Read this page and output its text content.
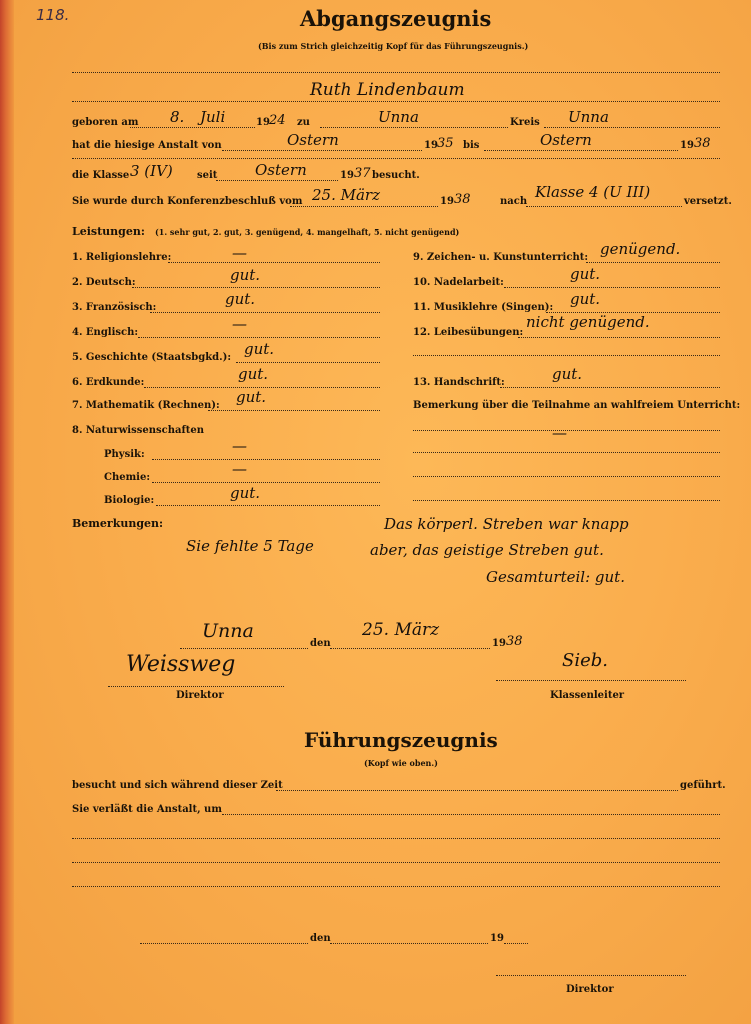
118.	Abgangszeugnis
(Bis zum Strich gleichzeitig Kopf für das Führungszeugnis.)
Ruth Lindenbaum
geboren am 8. Juli	19 24 zu	Unna	Kreis Unna
hat die hiesige Anstalt von	Ostern	19 35 bis	Ostern	19 38
die Klasse 3 (IV) seit	Ostern	19 37 besucht.
Sie wurde durch Konferenzbeschluß vom 25. März	19 38	nach
Klasse 4 (U III)
versetzt.
Leistungen: (1. sehr gut, 2. gut, 3. genügend, 4. mangelhaft, 5. nicht genügend)
1. Religionslehre:	—
2. Deutsch:	gut.
3. Französisch:	gut.
4. Englisch:	—
5. Geschichte (Staatsbgkd.): gut.
6. Erdkunde:	gut.
7. Mathematik (Rechnen): gut.
8. Naturwissenschaften
Physik:	—
Chemie:	—
Biologie:	gut.
9. Zeichen- u. Kunstunterricht: genügend.
10. Nadelarbeit:	gut.
11. Musiklehre (Singen): gut.
12. Leibesübungen:
nicht genügend.
13. Handschrift:	gut.
Bemerkung über die Teilnahme an wahlfreiem Unterricht:
—
Bemerkungen:	Das körperl. Streben war knapp
Sie fehlte 5 Tage	aber, das geistige Streben gut.
Gesamturteil: gut.
Unna
den
25. März
19 38
Weissweg
Direktor
Sieb.
Klassenleiter
Führungszeugnis
(Kopf wie oben.)
besucht und sich während dieser Zeit	geführt.
Sie verläßt die Anstalt, um
den	19
Direktor
